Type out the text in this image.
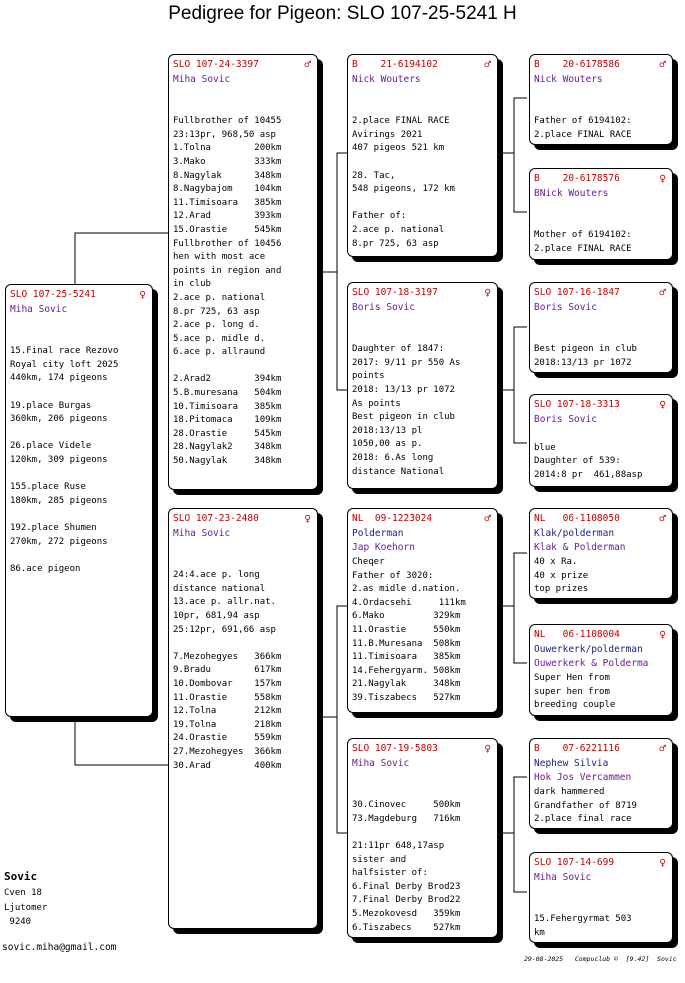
Pedigree for Pigeon: SLO 107-25-5241 H
SLO 107-25-5241	♀
Miha Sovic
15.Final race Rezovo
Royal city loft 2025
440km, 174 pigeons
19.place Burgas
360km, 206 pigeons
26.place Videle
120km, 309 pigeons
155.place Ruse
180km, 285 pigeons
192.place Shumen
270km, 272 pigeons
86.ace pigeon
SLO 107-24-3397	♂
Miha Sovic
Fullbrother of 10455
23:13pr, 968,50 asp
1.Tolna        200km
3.Mako         333km
8.Nagylak      348km
8.Nagybajom    104km
11.Timisoara   385km
12.Arad        393km
15.Orastie     545km
Fullbrother of 10456
hen with most ace
points in region and
in club
2.ace p. national
8.pr 725, 63 asp
2.ace p. long d.
5.ace p. midle d.
6.ace p. allraund
2.Arad2        394km
5.B.muresana   504km
10.Timisoara   385km
18.Pitomaca    109km
28.Orastie     545km
28.Nagylak2    348km
50.Nagylak     348km
SLO 107-23-2480	♀
Miha Sovic
24:4.ace p. long
distance national
13.ace p. allr.nat.
10pr, 681,94 asp
25:12pr, 691,66 asp
7.Mezohegyes   366km
9.Bradu        617km
10.Dombovar    157km
11.Orastie     558km
12.Tolna       212km
19.Tolna       218km
24.Orastie     559km
27.Mezohegyes  366km
30.Arad        400km
B    21-6194102	♂
Nick Wouters
2.place FINAL RACE
Avirings 2021
407 pigeos 521 km
28. Tac,
548 pigeons, 172 km
Father of:
2.ace p. national
8.pr 725, 63 asp
SLO 107-18-3197	♀
Boris Sovic
Daughter of 1847:
2017: 9/11 pr 550 As
points
2018: 13/13 pr 1072
As points
Best pigeon in club
2018:13/13 pl
1050,00 as p.
2018: 6.As long
distance National
NL  09-1223024	♂
Polderman
Jap Koehorn
Cheqer
Father of 3020:
2.as midle d.nation.
4.Ordacsehi     111km
6.Mako         329km
11.Orastie     550km
11.B.Muresana  508km
11.Timisoara   385km
14.Fehergyarm. 508km
21.Nagylak     348km
39.Tiszabecs   527km
SLO 107-19-5803	♀
Miha Sovic
30.Cinovec     500km
73.Magdeburg   716km
21:11pr 648,17asp
sister and
halfsister of:
6.Final Derby Brod23
7.Final Derby Brod22
5.Mezokovesd   359km
6.Tiszabecs    527km
B    20-6178586	♂
Nick Wouters
Father of 6194102:
2.place FINAL RACE
B    20-6178576	♀
BNick Wouters
Mother of 6194102:
2.place FINAL RACE
SLO 107-16-1847	♂
Boris Sovic
Best pigeon in club
2018:13/13 pr 1072
SLO 107-18-3313	♀
Boris Sovic
blue
Daughter of 539:
2014:8 pr  461,88asp
NL   06-1108050	♂
Klak/polderman
Klak & Polderman
40 x Ra.
40 x prize
top prizes
NL   06-1108004	♀
Ouwerkerk/polderman
Ouwerkerk & Polderma
Super Hen from
super hen from
breeding couple
B    07-6221116	♂
Nephew Silvia
Hok Jos Vercammen
dark hammered
Grandfather of 8719
2.place final race
SLO 107-14-699	♀
Miha Sovic
15.Fehergyrmat 503
km
Sovic
Cven 18
Ljutomer
9240
sovic.miha@gmail.com
29-08-2025   Compuclub ©  [9.42]  Sovic
